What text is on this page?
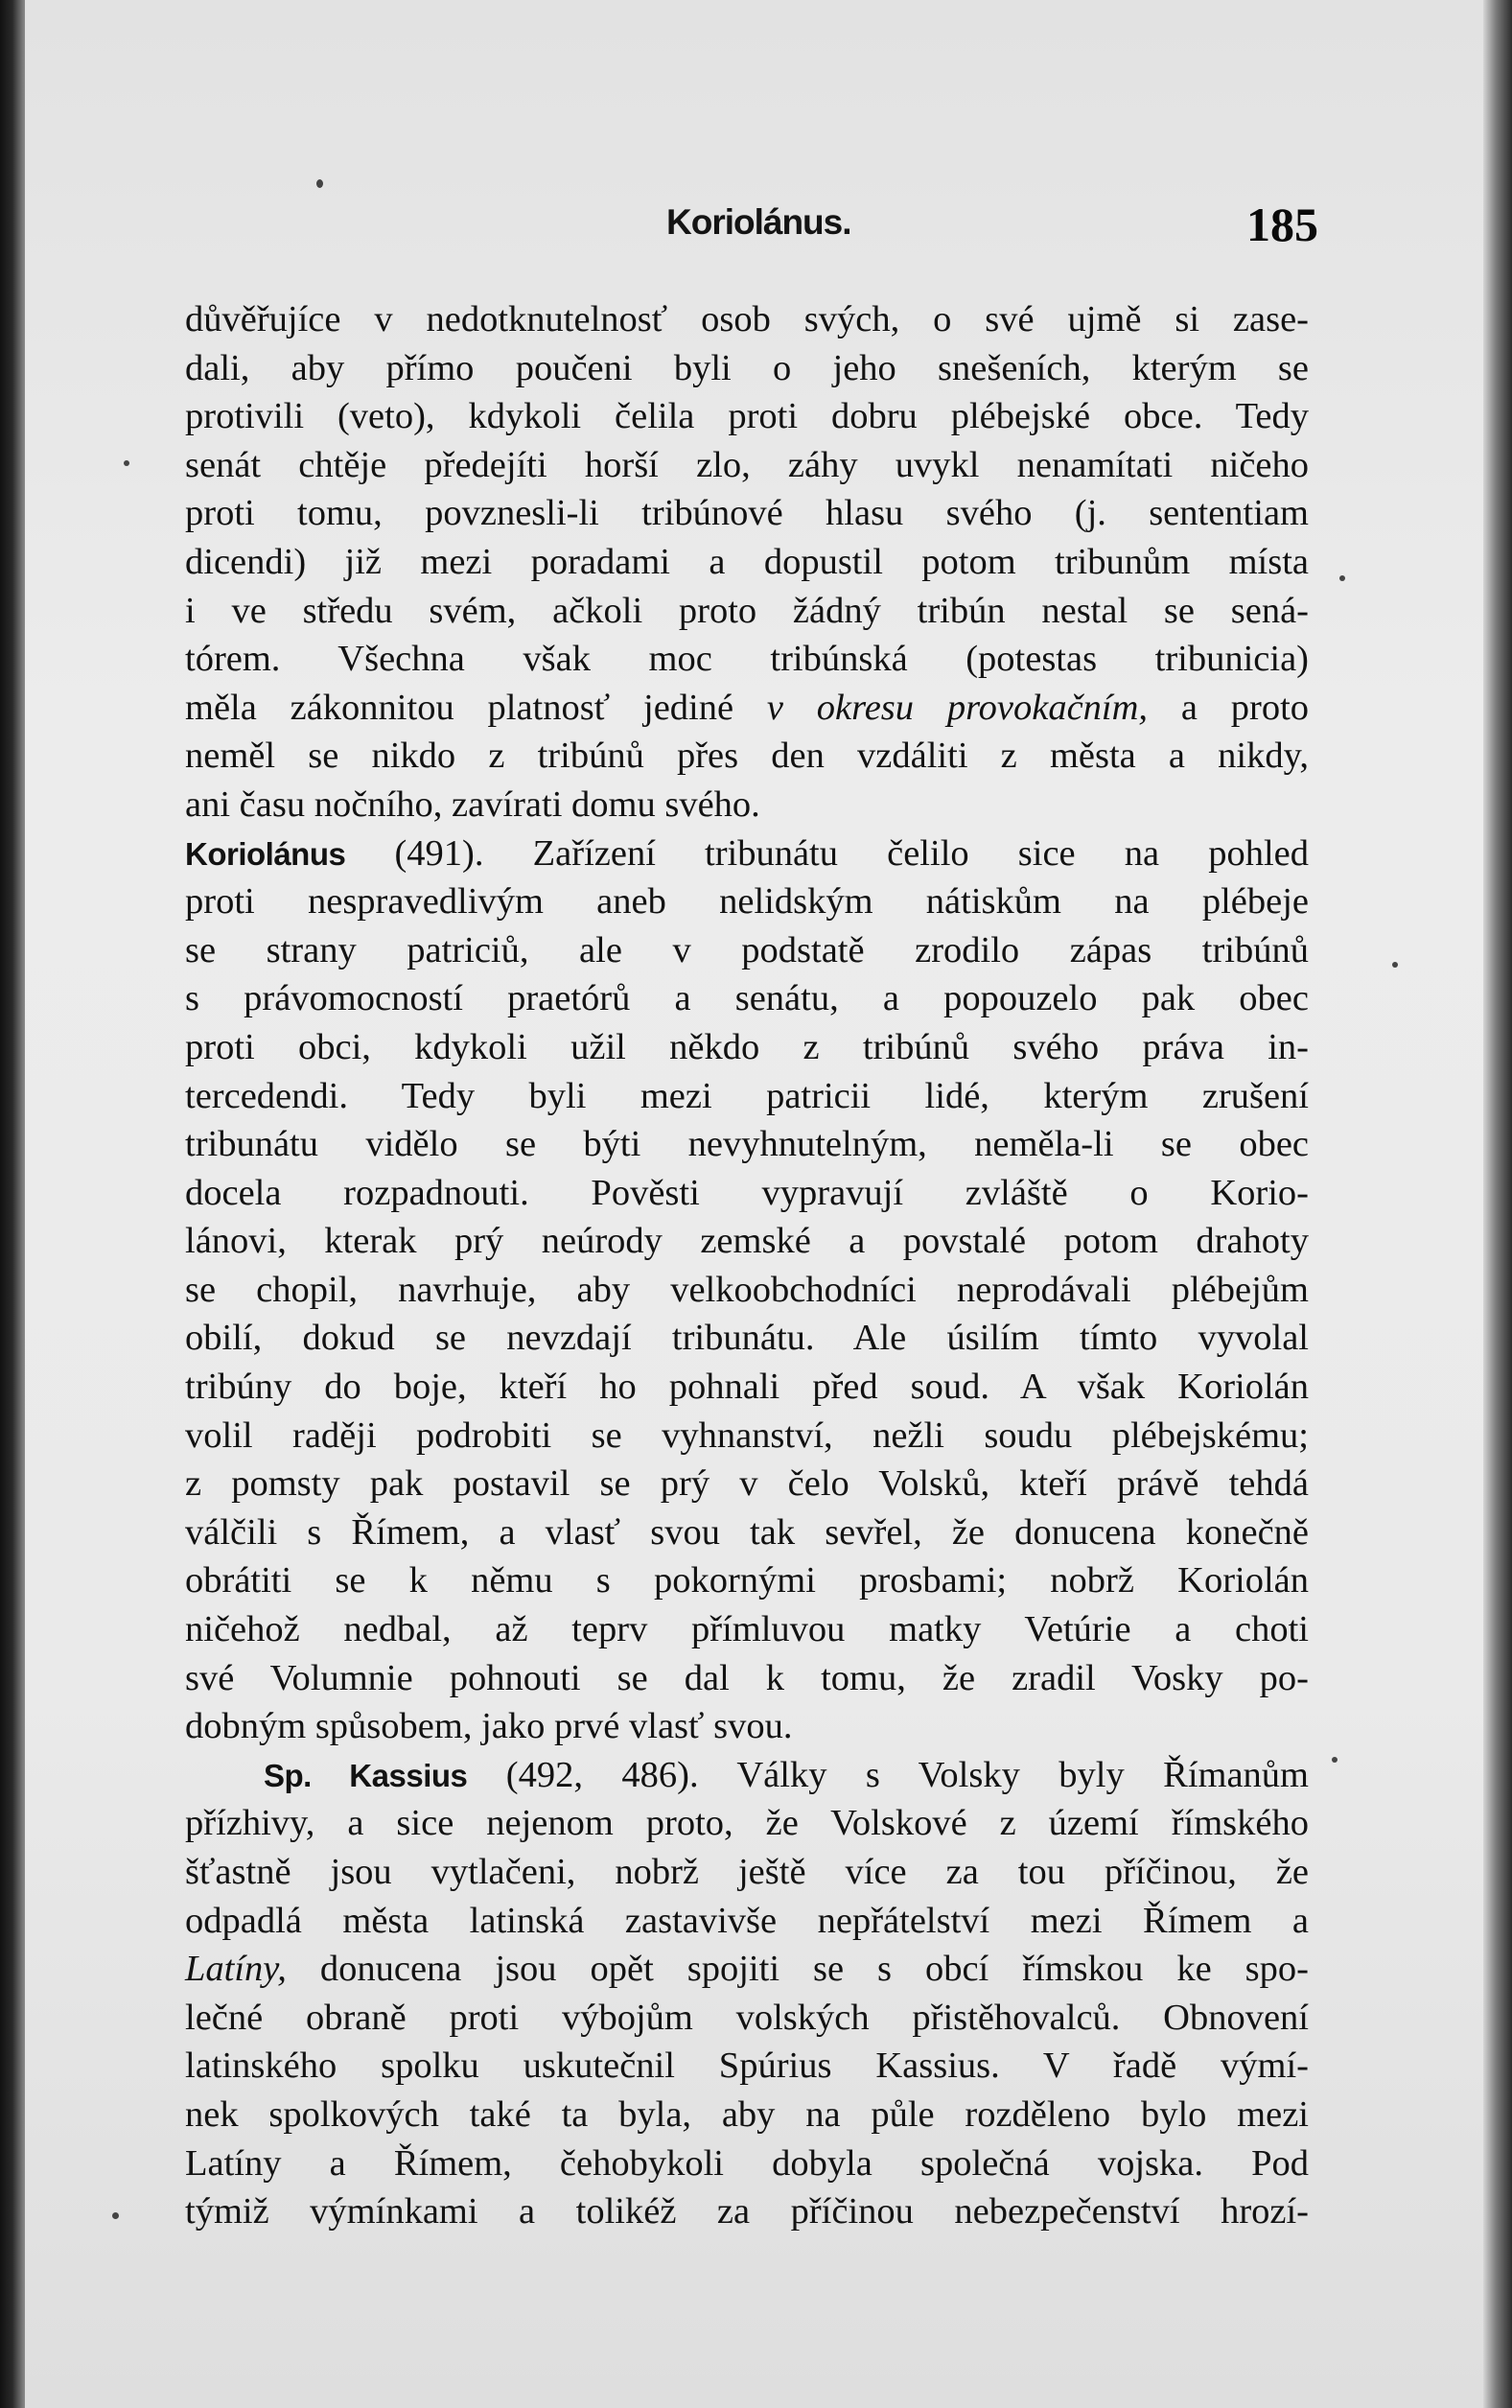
Koriolánus.	185
důvěřujíce v nedotknutelnosť osob svých, o své ujmě si zase-
dali, aby přímo poučeni byli o jeho snešeních, kterým se
protivili (veto), kdykoli čelila proti dobru plébejské obce. Tedy
senát chtěje předejíti horší zlo, záhy uvykl nenamítati ničeho
proti tomu, povznesli-li tribúnové hlasu svého (j. sententiam
dicendi) již mezi poradami a dopustil potom tribunům místa
i ve středu svém, ačkoli proto žádný tribún nestal se sená-
tórem. Všechna však moc tribúnská (potestas tribunicia)
měla zákonnitou platnosť jediné v okresu provokačním, a proto
neměl se nikdo z tribúnů přes den vzdáliti z města a nikdy,
ani času nočního, zavírati domu svého.
Koriolánus (491). Zařízení tribunátu čelilo sice na pohled
proti nespravedlivým aneb nelidským nátiskům na plébeje
se strany patriciů, ale v podstatě zrodilo zápas tribúnů
s právomocností praetórů a senátu, a popouzelo pak obec
proti obci, kdykoli užil někdo z tribúnů svého práva in-
tercedendi. Tedy byli mezi patricii lidé, kterým zrušení
tribunátu vidělo se býti nevyhnutelným, neměla-li se obec
docela rozpadnouti. Pověsti vypravují zvláště o Korio-
lánovi, kterak prý neúrody zemské a povstalé potom drahoty
se chopil, navrhuje, aby velkoobchodníci neprodávali plébejům
obilí, dokud se nevzdají tribunátu. Ale úsilím tímto vyvolal
tribúny do boje, kteří ho pohnali před soud. A však Koriolán
volil raději podrobiti se vyhnanství, nežli soudu plébejskému;
z pomsty pak postavil se prý v čelo Volsků, kteří právě tehdá
válčili s Římem, a vlasť svou tak sevřel, že donucena konečně
obrátiti se k němu s pokornými prosbami; nobrž Koriolán
ničehož nedbal, až teprv přímluvou matky Vetúrie a choti
své Volumnie pohnouti se dal k tomu, že zradil Vosky po-
dobným spůsobem, jako prvé vlasť svou.
Sp. Kassius (492, 486). Války s Volsky byly Římanům
přízhivy, a sice nejenom proto, že Volskové z území římského
šťastně jsou vytlačeni, nobrž ještě více za tou příčinou, že
odpadlá města latinská zastavivše nepřátelství mezi Římem a
Latíny, donucena jsou opět spojiti se s obcí římskou ke spo-
lečné obraně proti výbojům volských přistěhovalců. Obnovení
latinského spolku uskutečnil Spúrius Kassius. V řadě výmí-
nek spolkových také ta byla, aby na půle rozděleno bylo mezi
Latíny a Římem, čehobykoli dobyla společná vojska. Pod
týmiž výmínkami a tolikéž za příčinou nebezpečenství hrozí-
